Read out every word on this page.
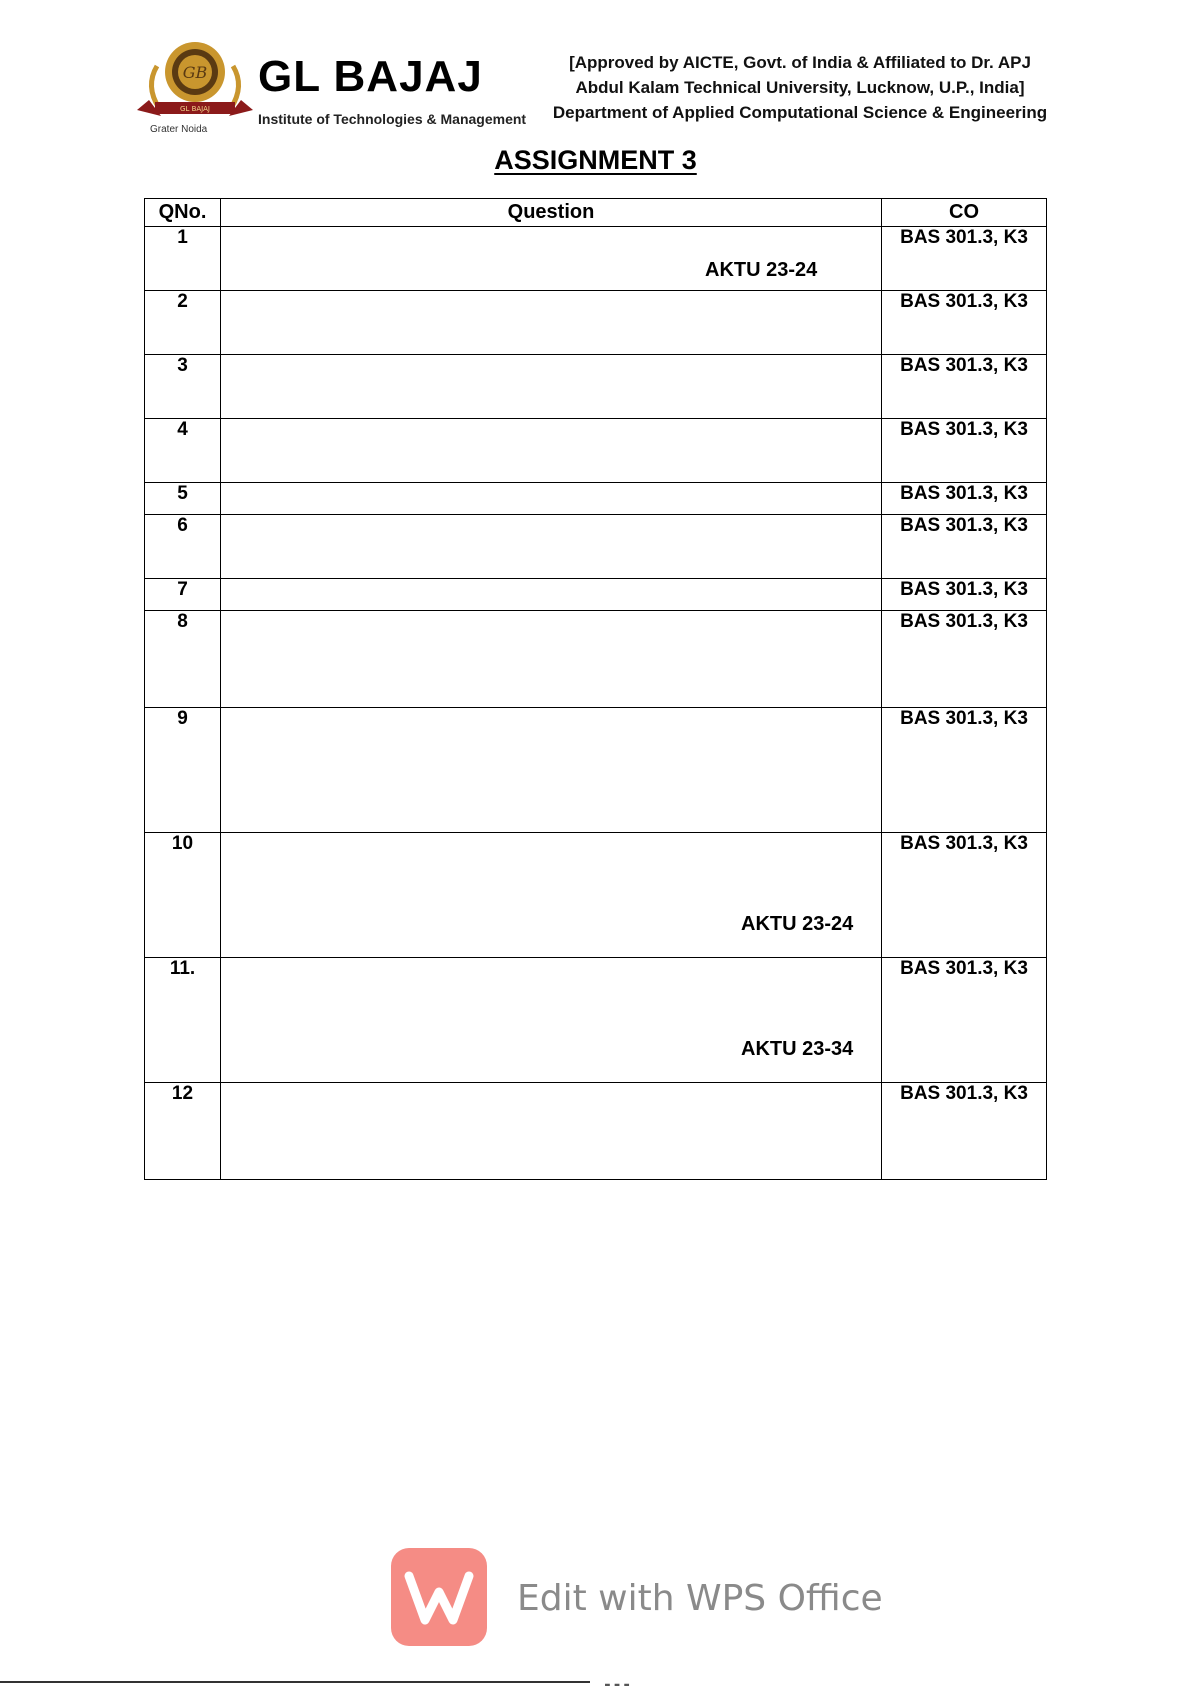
GB
GL BAJAJ
Grater Noida
GL BAJAJ
Institute of Technologies & Management
[Approved by AICTE, Govt. of India & Affiliated to Dr. APJ
Abdul Kalam Technical University, Lucknow, U.P., India]
Department of Applied Computational Science & Engineering
ASSIGNMENT 3
QNo.	Question	CO
1	AKTU 23-24	BAS 301.3, K3
2		BAS 301.3, K3
3		BAS 301.3, K3
4		BAS 301.3, K3
5		BAS 301.3, K3
6		BAS 301.3, K3
7		BAS 301.3, K3
8		BAS 301.3, K3
9		BAS 301.3, K3
10	AKTU 23-24	BAS 301.3, K3
11.	AKTU 23-34	BAS 301.3, K3
12		BAS 301.3, K3
Edit with WPS Office
▬ ▬ ▬
